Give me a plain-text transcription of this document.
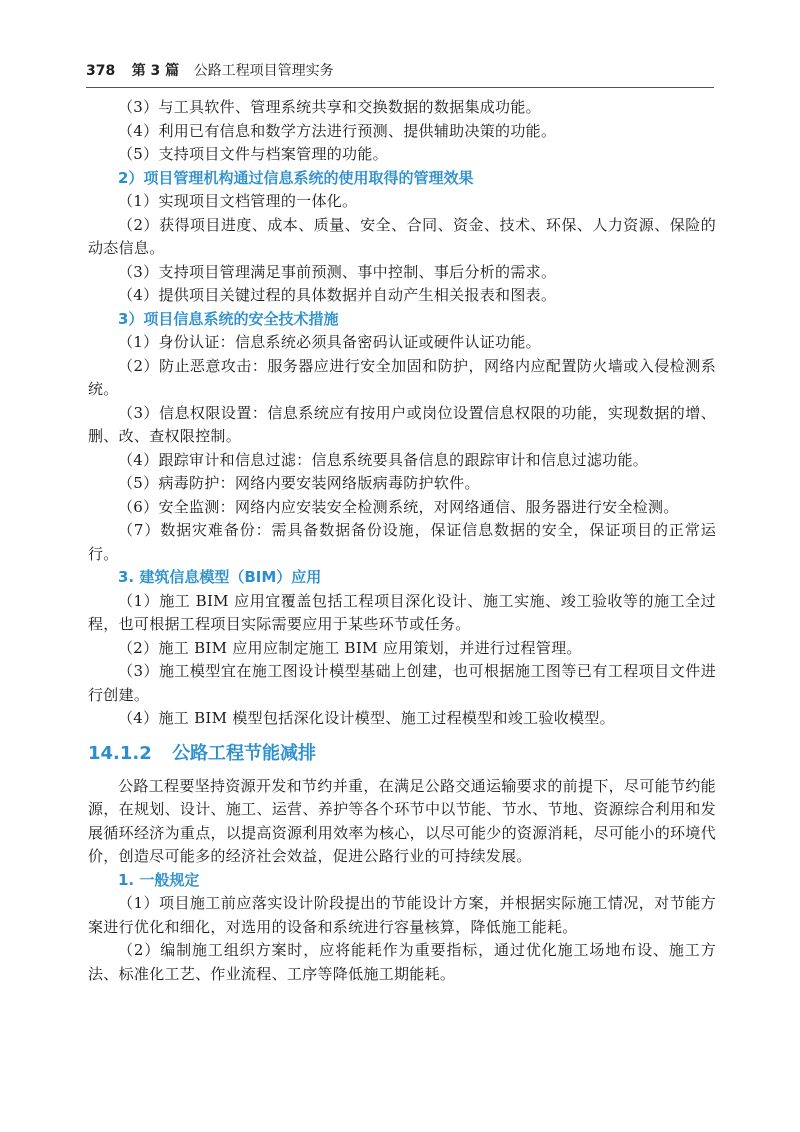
378 第 3 篇 公路工程项目管理实务

（3）与工具软件、管理系统共享和交换数据的数据集成功能。

（4）利用已有信息和数学方法进行预测、提供辅助决策的功能。

（5）支持项目文件与档案管理的功能。

2）项目管理机构通过信息系统的使用取得的管理效果

（1）实现项目文档管理的一体化。

（2）获得项目进度、成本、质量、安全、合同、资金、技术、环保、人力资源、保险的动态信息。

（3）支持项目管理满足事前预测、事中控制、事后分析的需求。

（4）提供项目关键过程的具体数据并自动产生相关报表和图表。

3）项目信息系统的安全技术措施

（1）身份认证：信息系统必须具备密码认证或硬件认证功能。

（2）防止恶意攻击：服务器应进行安全加固和防护，网络内应配置防火墙或入侵检测系统。

（3）信息权限设置：信息系统应有按用户或岗位设置信息权限的功能，实现数据的增、删、改、查权限控制。

（4）跟踪审计和信息过滤：信息系统要具备信息的跟踪审计和信息过滤功能。

（5）病毒防护：网络内要安装网络版病毒防护软件。

（6）安全监测：网络内应安装安全检测系统，对网络通信、服务器进行安全检测。

（7）数据灾难备份：需具备数据备份设施，保证信息数据的安全，保证项目的正常运行。

3. 建筑信息模型（BIM）应用

（1）施工 BIM 应用宜覆盖包括工程项目深化设计、施工实施、竣工验收等的施工全过程，也可根据工程项目实际需要应用于某些环节或任务。

（2）施工 BIM 应用应制定施工 BIM 应用策划，并进行过程管理。

（3）施工模型宜在施工图设计模型基础上创建，也可根据施工图等已有工程项目文件进行创建。

（4）施工 BIM 模型包括深化设计模型、施工过程模型和竣工验收模型。

14.1.2 公路工程节能减排

公路工程要坚持资源开发和节约并重，在满足公路交通运输要求的前提下，尽可能节约能源，在规划、设计、施工、运营、养护等各个环节中以节能、节水、节地、资源综合利用和发展循环经济为重点，以提高资源利用效率为核心，以尽可能少的资源消耗，尽可能小的环境代价，创造尽可能多的经济社会效益，促进公路行业的可持续发展。

1. 一般规定

（1）项目施工前应落实设计阶段提出的节能设计方案，并根据实际施工情况，对节能方案进行优化和细化，对选用的设备和系统进行容量核算，降低施工能耗。

（2）编制施工组织方案时，应将能耗作为重要指标，通过优化施工场地布设、施工方法、标准化工艺、作业流程、工序等降低施工期能耗。
